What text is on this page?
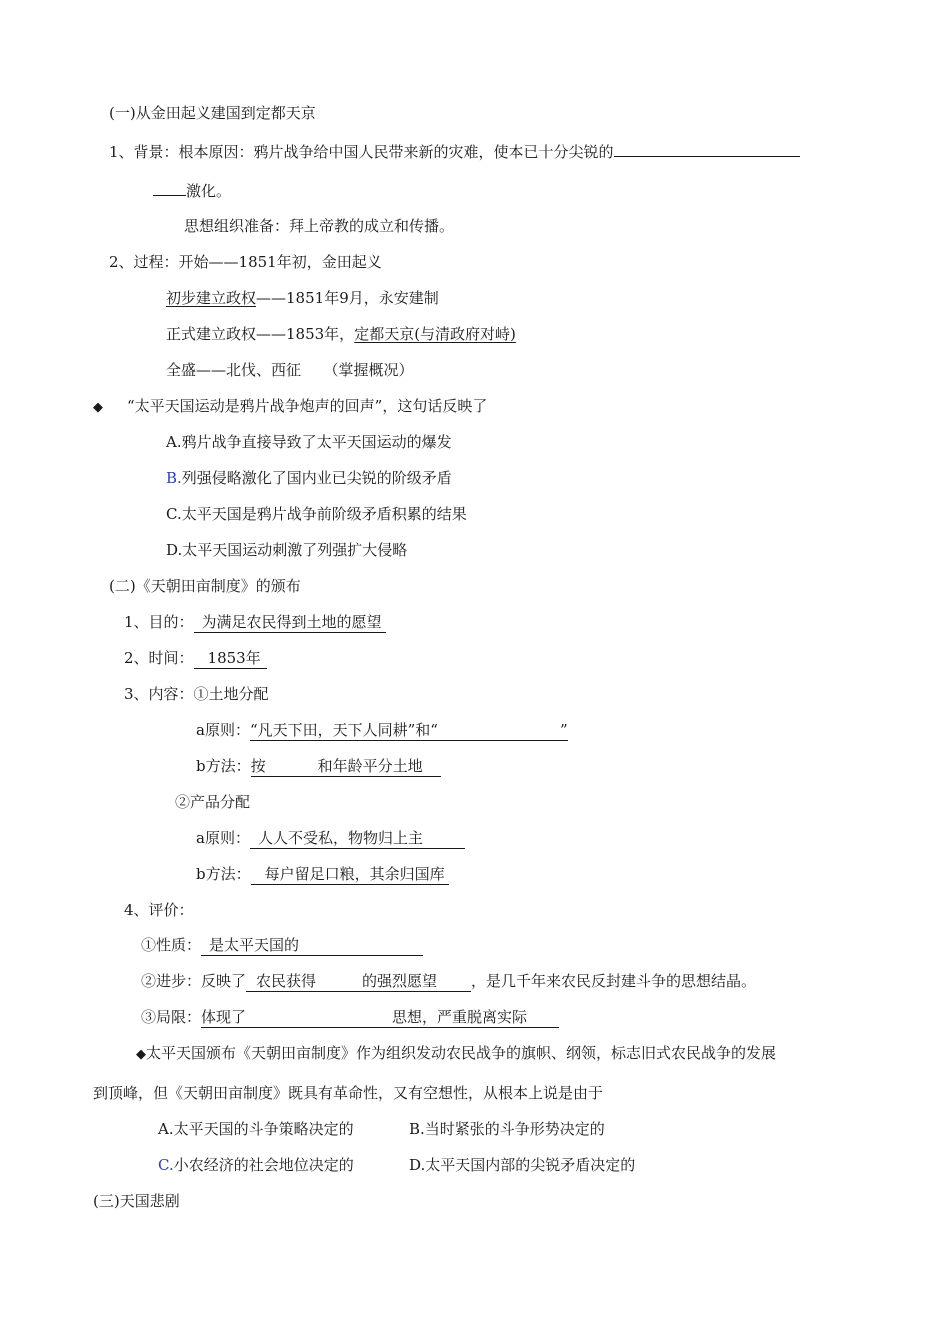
(一)从金田起义建国到定都天京
1、背景：根本原因：鸦片战争给中国人民带来新的灾难，使本已十分尖锐的
激化。
思想组织准备：拜上帝教的成立和传播。
2、过程：开始——1851年初，金田起义
初步建立政权——1851年9月，永安建制
正式建立政权——1853年，定都天京(与清政府对峙)
全盛——北伐、西征　　（掌握概况）
◆ “太平天国运动是鸦片战争炮声的回声”，这句话反映了
A.鸦片战争直接导致了太平天国运动的爆发
B.列强侵略激化了国内业已尖锐的阶级矛盾
C.太平天国是鸦片战争前阶级矛盾积累的结果
D.太平天国运动刺激了列强扩大侵略
(二)《天朝田亩制度》的颁布
1、目的： 为满足农民得到土地的愿望
2、时间： 1853年
3、内容：①土地分配
a原则：“凡天下田，天下人同耕”和“	”
b方法：按	和年龄平分土地
②产品分配
a原则： 人人不受私，物物归上主
b方法： 每户留足口粮，其余归国库
4、评价：
①性质： 是太平天国的
②进步：反映了 农民获得	的强烈愿望 ，是几千年来农民反封建斗争的思想结晶。
③局限：体现了	思想，严重脱离实际
◆太平天国颁布《天朝田亩制度》作为组织发动农民战争的旗帜、纲领，标志旧式农民战争的发展
到顶峰，但《天朝田亩制度》既具有革命性，又有空想性，从根本上说是由于
A.太平天国的斗争策略决定的	B.当时紧张的斗争形势决定的
C.小农经济的社会地位决定的	D.太平天国内部的尖锐矛盾决定的
(三)天国悲剧
